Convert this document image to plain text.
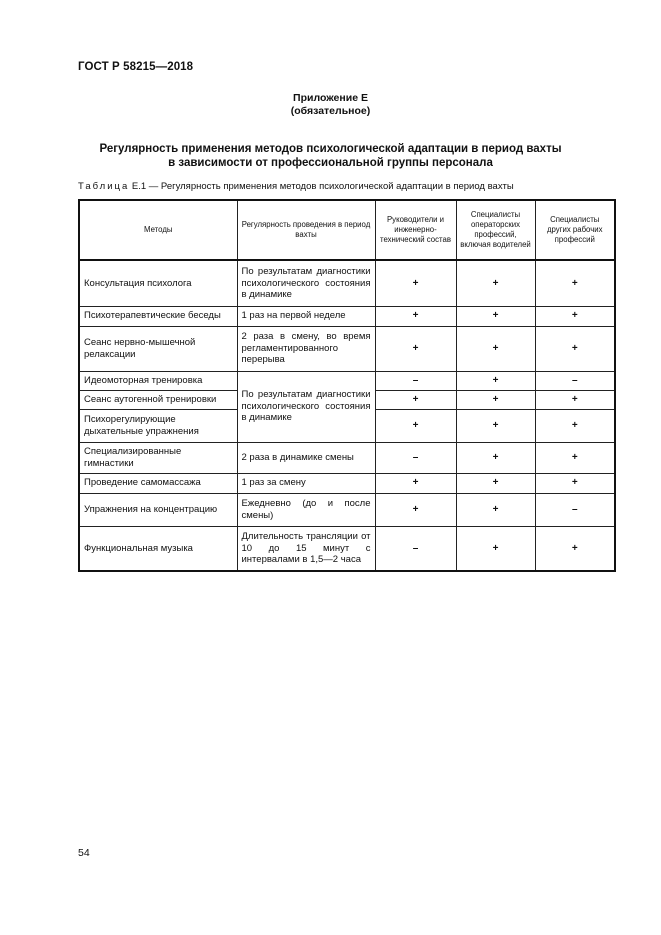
ГОСТ Р 58215—2018
Приложение Е
(обязательное)
Регулярность применения методов психологической адаптации в период вахты
в зависимости от профессиональной группы персонала
Таблица Е.1 — Регулярность применения методов психологической адаптации в период вахты
Методы	Регулярность проведения в период вахты	Руководители и инженерно-технический состав	Специалисты операторских профессий, включая водителей	Специалисты других рабочих профессий
Консультация психолога	По результатам диагностики психологического состояния в динамике	+	+	+
Психотерапевтические беседы	1 раз на первой неделе	+	+	+
Сеанс нервно-мышечной релаксации	2 раза в смену, во время регламентированного перерыва	+	+	+
Идеомоторная тренировка	По результатам диагностики психологического состояния в динамике	–	+	–
Сеанс аутогенной тренировки		+	+	+
Психорегулирующие дыхательные упражнения		+	+	+
Специализированные гимнастики	2 раза в динамике смены	–	+	+
Проведение самомассажа	1 раз за смену	+	+	+
Упражнения на концентрацию	Ежедневно (до и после смены)	+	+	–
Функциональная музыка	Длительность трансляции от 10 до 15 минут с интервалами в 1,5—2 часа	–	+	+
54
